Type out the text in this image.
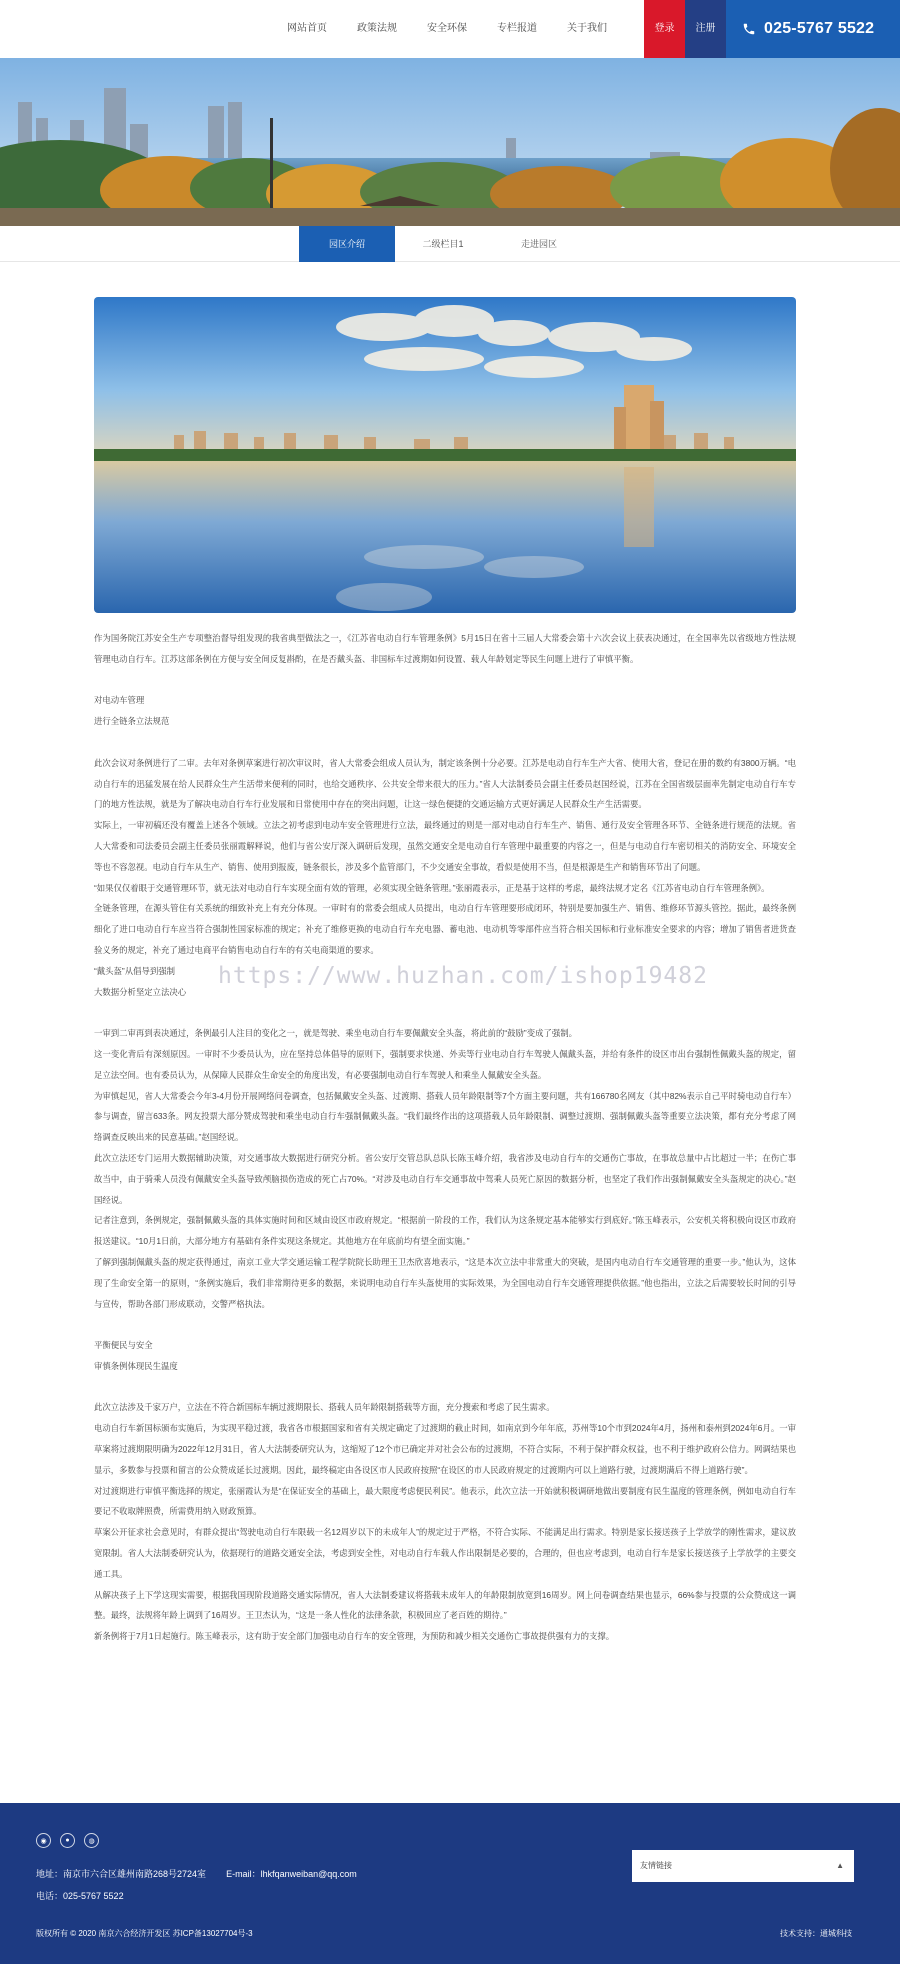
网站首页	政策法规	安全环保	专栏报道	关于我们	登录	注册	025-5767 5522
园区介绍	二级栏目1	走进园区

作为国务院江苏安全生产专项整治督导组发现的我省典型做法之一，《江苏省电动自行车管理条例》5月15日在省十三届人大常委会第十六次会议上获表决通过，在全国率先以省级地方性法规管理电动自行车。江苏这部条例在方便与安全间反复斟酌，在是否戴头盔、非国标车过渡期如何设置、载人年龄划定等民生问题上进行了审慎平衡。

对电动车管理

进行全链条立法规范

此次会议对条例进行了二审。去年对条例草案进行初次审议时，省人大常委会组成人员认为，制定该条例十分必要。江苏是电动自行车生产大省、使用大省，登记在册的数约有3800万辆。“电动自行车的迅猛发展在给人民群众生产生活带来便利的同时，也给交通秩序、公共安全带来很大的压力。”省人大法制委员会副主任委员赵国经说，江苏在全国省级层面率先制定电动自行车专门的地方性法规，就是为了解决电动自行车行业发展和日常使用中存在的突出问题，让这一绿色便捷的交通运输方式更好满足人民群众生产生活需要。

实际上，一审初稿还没有覆盖上述各个领域。立法之初考虑到电动车安全管理进行立法，最终通过的则是一部对电动自行车生产、销售、通行及安全管理各环节、全链条进行规范的法规。省人大常委和司法委员会副主任委员张丽霞解释说，他们与省公安厅深入调研后发现，虽然交通安全是电动自行车管理中最重要的内容之一，但是与电动自行车密切相关的消防安全、环境安全等也不容忽视。电动自行车从生产、销售、使用到报废，链条很长，涉及多个监管部门，不少交通安全事故，看似是使用不当，但是根源是生产和销售环节出了问题。

“如果仅仅着眼于交通管理环节，就无法对电动自行车实现全面有效的管理，必须实现全链条管理。”张丽霞表示，正是基于这样的考虑，最终法规才定名《江苏省电动自行车管理条例》。

全链条管理，在源头管住有关系统的细致补充上有充分体现。一审时有的常委会组成人员提出，电动自行车管理要形成闭环，特别是要加强生产、销售、维修环节源头管控。据此，最终条例细化了进口电动自行车应当符合强制性国家标准的规定；补充了维修更换的电动自行车充电器、蓄电池、电动机等零部件应当符合相关国标和行业标准安全要求的内容；增加了销售者进货查验义务的规定，补充了通过电商平台销售电动自行车的有关电商渠道的要求。

“戴头盔”从倡导到强制

大数据分析坚定立法决心

一审到二审再到表决通过，条例最引人注目的变化之一，就是驾驶、乘坐电动自行车要佩戴安全头盔，将此前的“鼓励”变成了强制。

这一变化背后有深刻原因。一审时不少委员认为，应在坚持总体倡导的原则下，强制要求快递、外卖等行业电动自行车驾驶人佩戴头盔，并给有条件的设区市出台强制性佩戴头盔的规定，留足立法空间。也有委员认为，从保障人民群众生命安全的角度出发，有必要强制电动自行车驾驶人和乘坐人佩戴安全头盔。

为审慎起见，省人大常委会今年3-4月份开展网络问卷调查，包括佩戴安全头盔、过渡期、搭载人员年龄限制等7个方面主要问题，共有166780名网友（其中82%表示自己平时骑电动自行车）参与调查，留言633条。网友投票大部分赞成驾驶和乘坐电动自行车强制佩戴头盔。“我们最终作出的这项搭载人员年龄限制、调整过渡期、强制佩戴头盔等重要立法决策，都有充分考虑了网络调查反映出来的民意基础。”赵国经说。

此次立法还专门运用大数据辅助决策，对交通事故大数据进行研究分析。省公安厅交管总队总队长陈玉峰介绍，我省涉及电动自行车的交通伤亡事故，在事故总量中占比超过一半；在伤亡事故当中，由于骑乘人员没有佩戴安全头盔导致颅脑损伤造成的死亡占70%。“对涉及电动自行车交通事故中驾乘人员死亡原因的数据分析，也坚定了我们作出强制佩戴安全头盔规定的决心。”赵国经说。

记者注意到，条例规定，强制佩戴头盔的具体实施时间和区域由设区市政府规定。“根据前一阶段的工作，我们认为这条规定基本能够实行到底好。”陈玉峰表示，公安机关将积极向设区市政府报送建议。“10月1日前，大部分地方有基础有条件实现这条规定。其他地方在年底前均有望全面实施。”

了解到强制佩戴头盔的规定获得通过，南京工业大学交通运输工程学院院长助理王卫杰欣喜地表示，“这是本次立法中非常重大的突破，是国内电动自行车交通管理的重要一步。”他认为，这体现了生命安全第一的原则，“条例实施后，我们非常期待更多的数据，来说明电动自行车头盔使用的实际效果，为全国电动自行车交通管理提供依据。”他也指出，立法之后需要较长时间的引导与宣传，帮助各部门形成联动，交警严格执法。

平衡便民与安全

审慎条例体现民生温度

此次立法涉及千家万户，立法在不符合新国标车辆过渡期限长、搭载人员年龄限制搭载等方面，充分搜索和考虑了民生需求。

电动自行车新国标颁布实施后，为实现平稳过渡，我省各市根据国家和省有关规定确定了过渡期的截止时间，如南京到今年年底，苏州等10个市到2024年4月，扬州和泰州到2024年6月。一审草案将过渡期限明确为2022年12月31日，省人大法制委研究认为，这缩短了12个市已确定并对社会公布的过渡期，不符合实际，不利于保护群众权益，也不利于维护政府公信力。网调结果也显示，多数参与投票和留言的公众赞成延长过渡期。因此，最终稿定由各设区市人民政府按照“在设区的市人民政府规定的过渡期内可以上道路行驶，过渡期满后不得上道路行驶”。

对过渡期进行审慎平衡选择的规定，张丽霞认为是“在保证安全的基础上，最大限度考虑便民利民”。他表示，此次立法一开始就积极调研地做出要制度有民生温度的管理条例，例如电动自行车要记不收取牌照费，所需费用纳入财政预算。

草案公开征求社会意见时，有群众提出“驾驶电动自行车限载一名12周岁以下的未成年人”的规定过于严格，不符合实际、不能满足出行需求。特别是家长接送孩子上学放学的刚性需求，建议放宽限制。省人大法制委研究认为，依据现行的道路交通安全法，考虑到安全性，对电动自行车载人作出限制是必要的，合理的，但也应考虑到，电动自行车是家长接送孩子上学放学的主要交通工具。

从解决孩子上下学这现实需要，根据我国现阶段道路交通实际情况，省人大法制委建议将搭载未成年人的年龄限制放宽到16周岁。网上问卷调查结果也显示，66%参与投票的公众赞成这一调整。最终，法规将年龄上调到了16周岁。王卫杰认为，“这是一条人性化的法律条款，积极回应了老百姓的期待。”

新条例将于7月1日起施行。陈玉峰表示，这有助于安全部门加强电动自行车的安全管理，为预防和减少相关交通伤亡事故提供强有力的支撑。

https://www.huzhan.com/ishop19482
◉	●	◍
地址：南京市六合区雄州南路268号2724室 E-mail：lhkfqanweiban@qq.com
电话：025-5767 5522
友情链接	▲
版权所有 © 2020 南京六合经济开发区 苏ICP备13027704号-3	技术支持：通城科技
